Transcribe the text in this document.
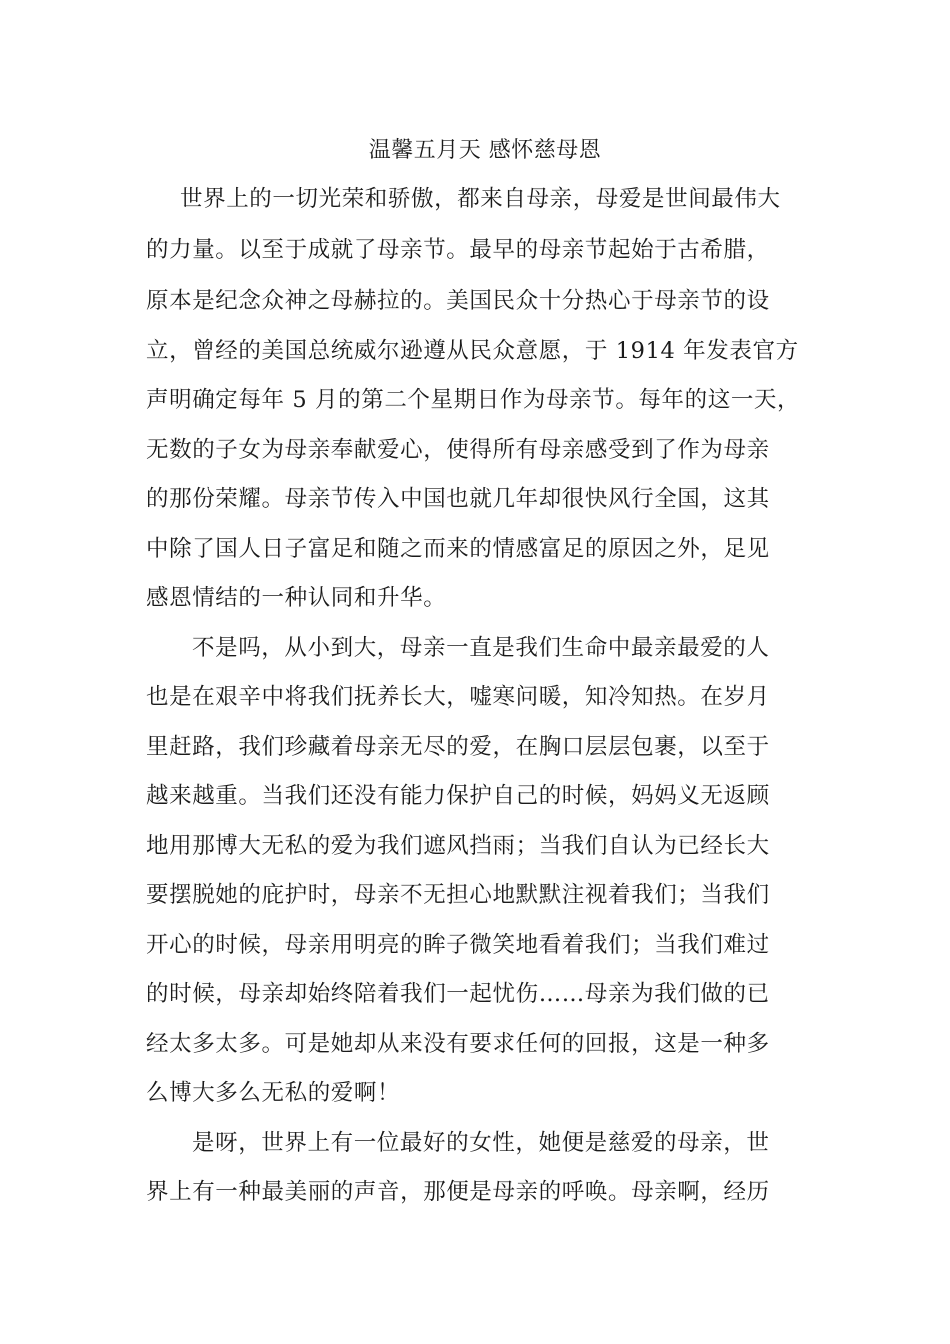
温馨五月天 感怀慈母恩
世界上的一切光荣和骄傲，都来自母亲，母爱是世间最伟大
的力量。以至于成就了母亲节。最早的母亲节起始于古希腊，
原本是纪念众神之母赫拉的。美国民众十分热心于母亲节的设
立，曾经的美国总统威尔逊遵从民众意愿，于 1914 年发表官方
声明确定每年 5 月的第二个星期日作为母亲节。每年的这一天，
无数的子女为母亲奉献爱心，使得所有母亲感受到了作为母亲
的那份荣耀。母亲节传入中国也就几年却很快风行全国，这其
中除了国人日子富足和随之而来的情感富足的原因之外，足见
感恩情结的一种认同和升华。
不是吗，从小到大，母亲一直是我们生命中最亲最爱的人
也是在艰辛中将我们抚养长大，嘘寒问暖，知冷知热。在岁月
里赶路，我们珍藏着母亲无尽的爱，在胸口层层包裹，以至于
越来越重。当我们还没有能力保护自己的时候，妈妈义无返顾
地用那博大无私的爱为我们遮风挡雨；当我们自认为已经长大
要摆脱她的庇护时，母亲不无担心地默默注视着我们；当我们
开心的时候，母亲用明亮的眸子微笑地看着我们；当我们难过
的时候，母亲却始终陪着我们一起忧伤……母亲为我们做的已
经太多太多。可是她却从来没有要求任何的回报，这是一种多
么博大多么无私的爱啊！
是呀，世界上有一位最好的女性，她便是慈爱的母亲，世
界上有一种最美丽的声音，那便是母亲的呼唤。母亲啊，经历
